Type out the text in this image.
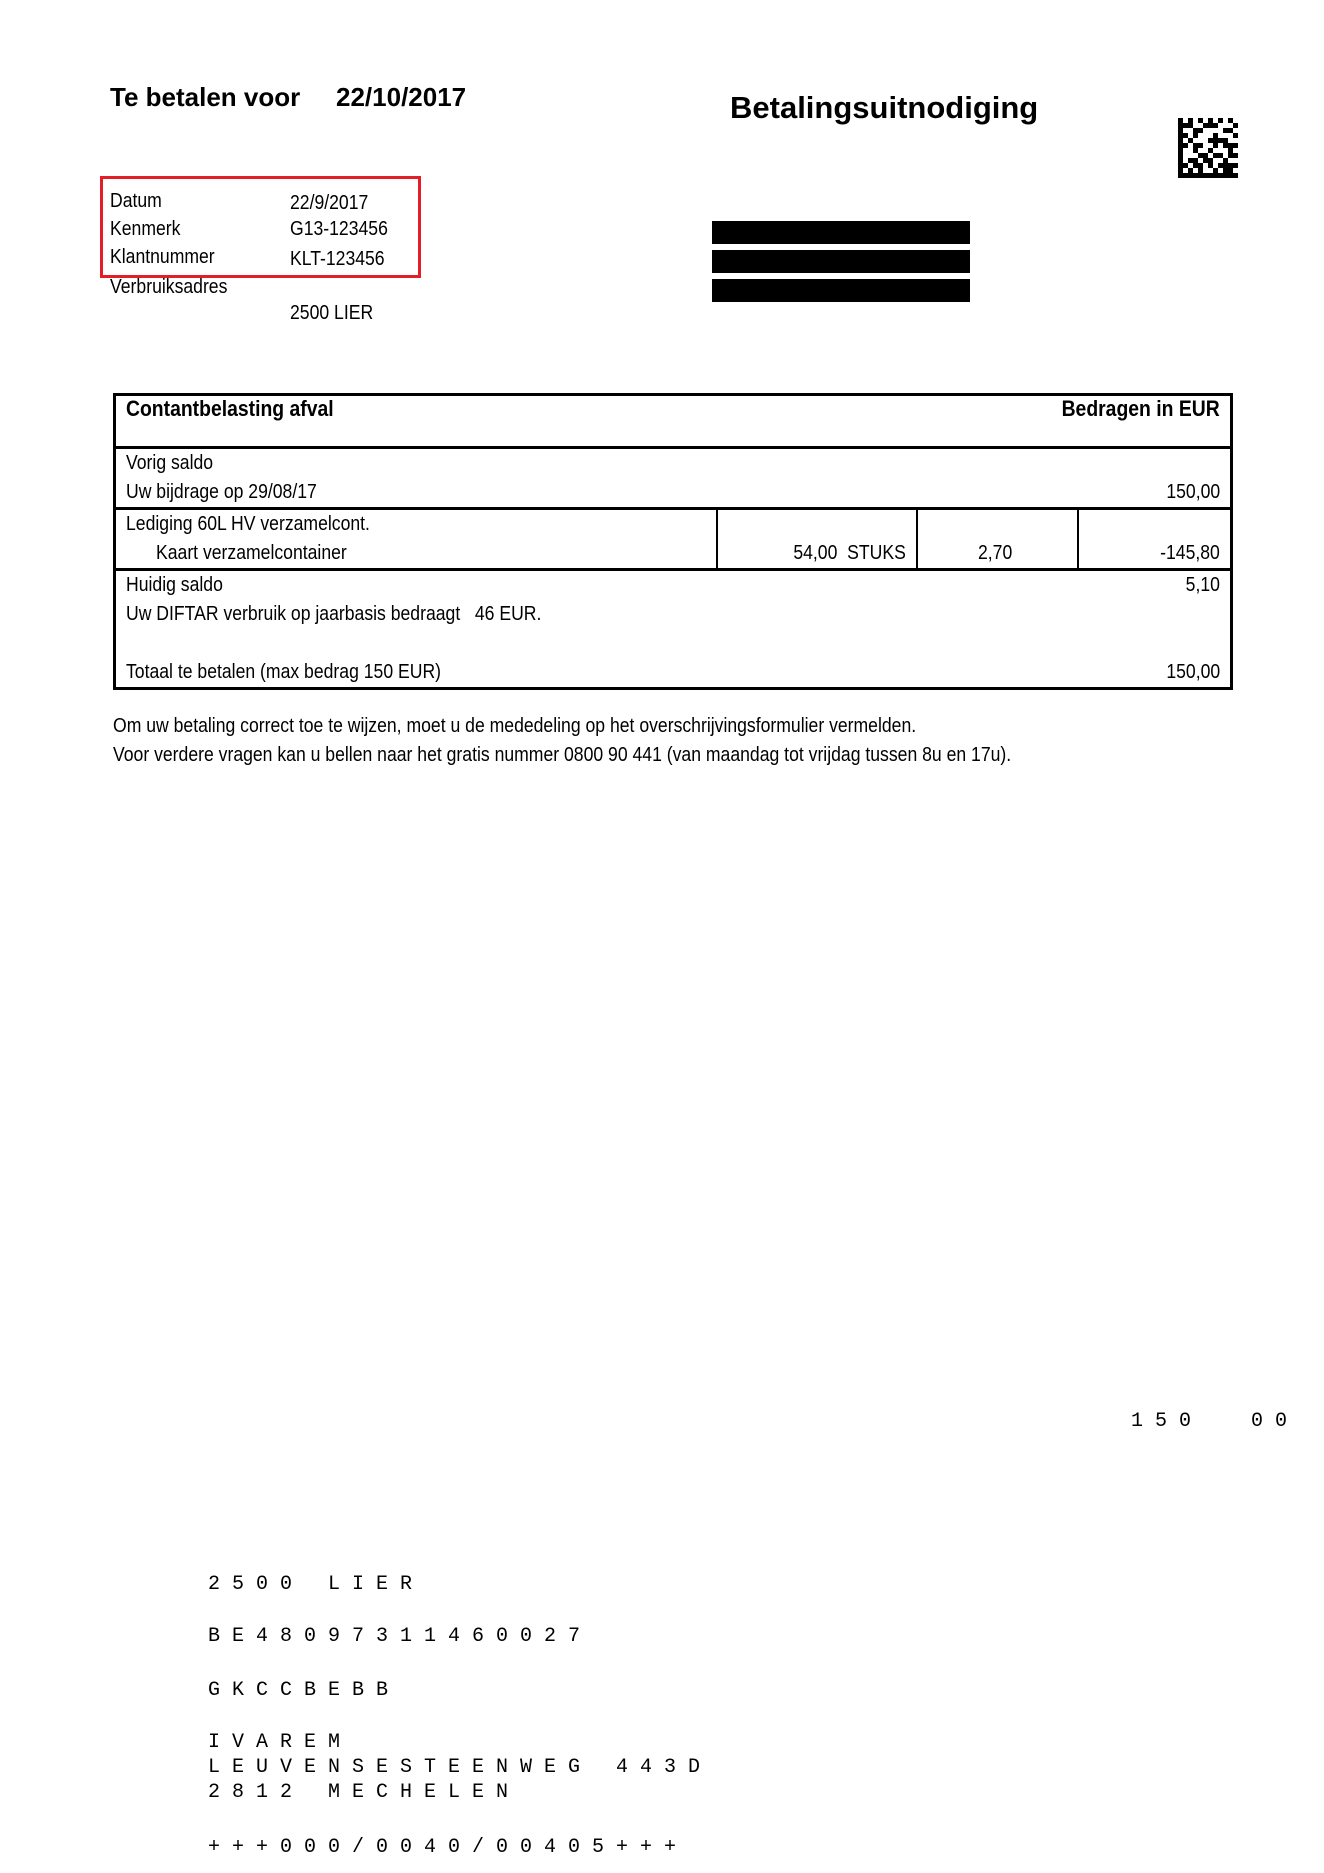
Te betalen voor 22/10/2017	Betalingsuitnodiging
Datum	22/9/2017
Kenmerk	G13-123456
Klantnummer	KLT-123456
Verbruiksadres
2500 LIER
Contantbelasting afval		Bedragen in EUR	
Vorig saldo			
Uw bijdrage op 29/08/17			150,00
Lediging 60L HV verzamelcont.			
Kaart verzamelcontainer	54,00  STUKS	2,70	-145,80
Huidig saldo			5,10
Uw DIFTAR verbruik op jaarbasis bedraagt   46 EUR.			

Totaal te betalen (max bedrag 150 EUR)			150,00
Om uw betaling correct toe te wijzen, moet u de mededeling op het overschrijvingsformulier vermelden.
Voor verdere vragen kan u bellen naar het gratis nummer 0800 90 441 (van maandag tot vrijdag tussen 8u en 17u).
150  00
2500 LIER
BE48097311460027
GKCCBEBB
IVAREM
LEUVENSESTEENWEG 443D
2812 MECHELEN
+++000/0040/00405+++
